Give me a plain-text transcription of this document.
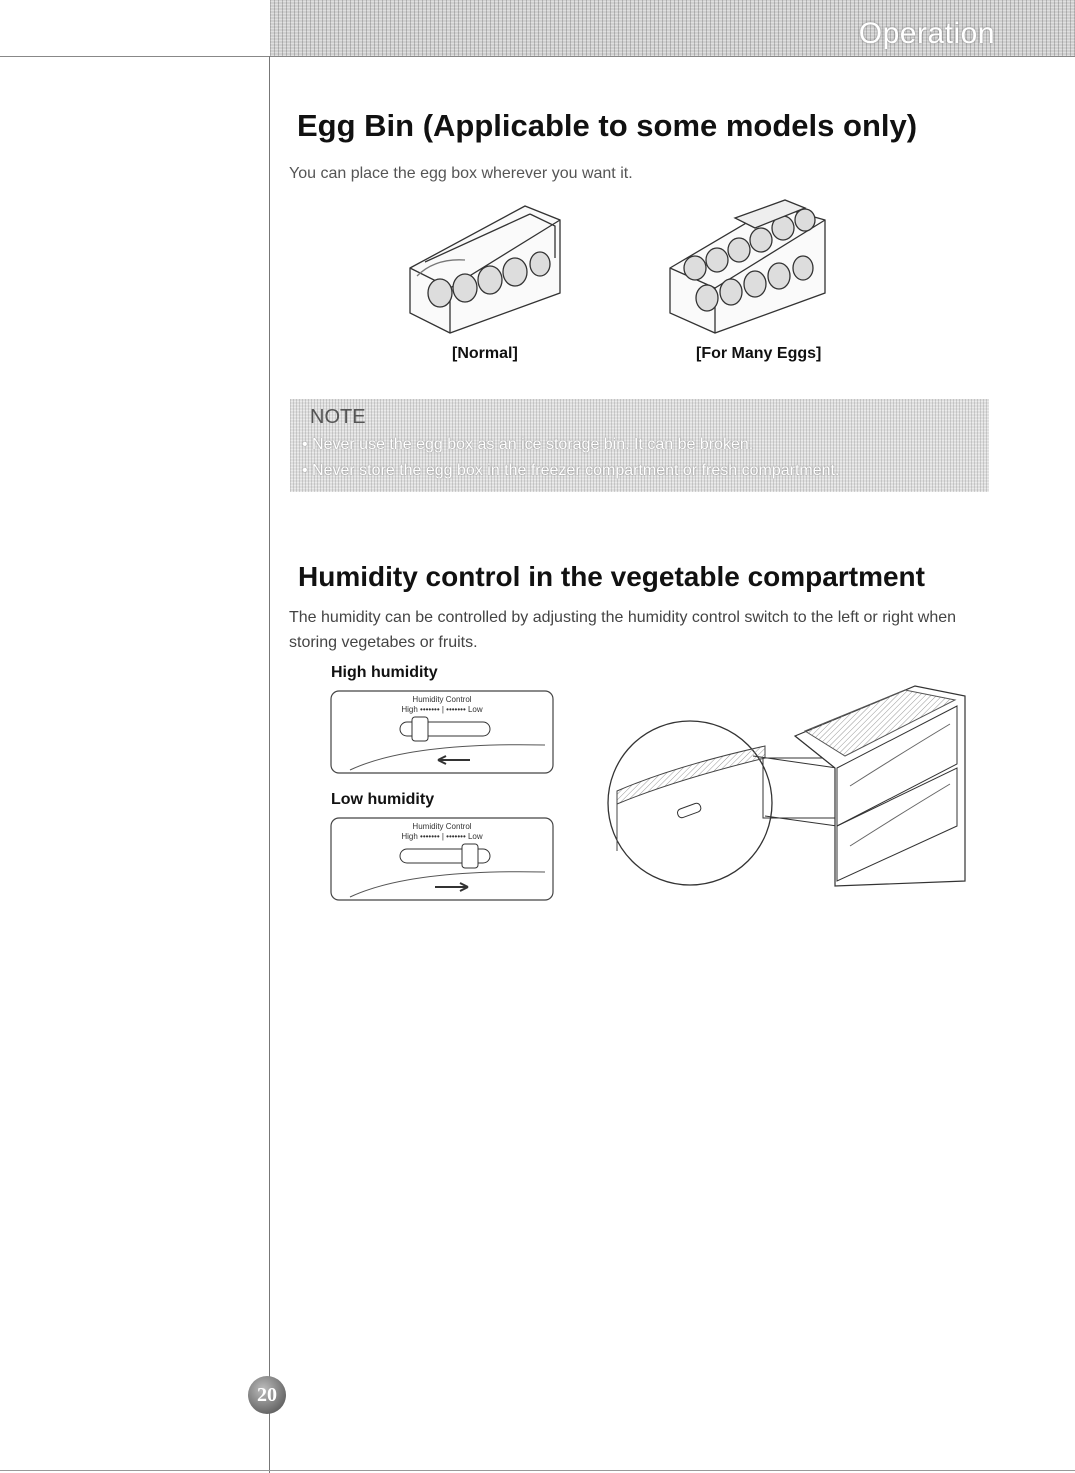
Operation
Egg Bin (Applicable to some models only)
You can place the egg box wherever you want it.
[Normal]	[For Many Eggs]
NOTE
• Never use the egg box as an ice storage bin. It can be broken.
• Never store the egg box in the freezer compartment or fresh compartment.
Humidity control in the vegetable compartment
The humidity can be controlled by adjusting the humidity control switch to the left or right when storing vegetabes or fruits.
High humidity
Humidity Control
High ••••••• | ••••••• Low
Low humidity
Humidity Control
High ••••••• | ••••••• Low
20
